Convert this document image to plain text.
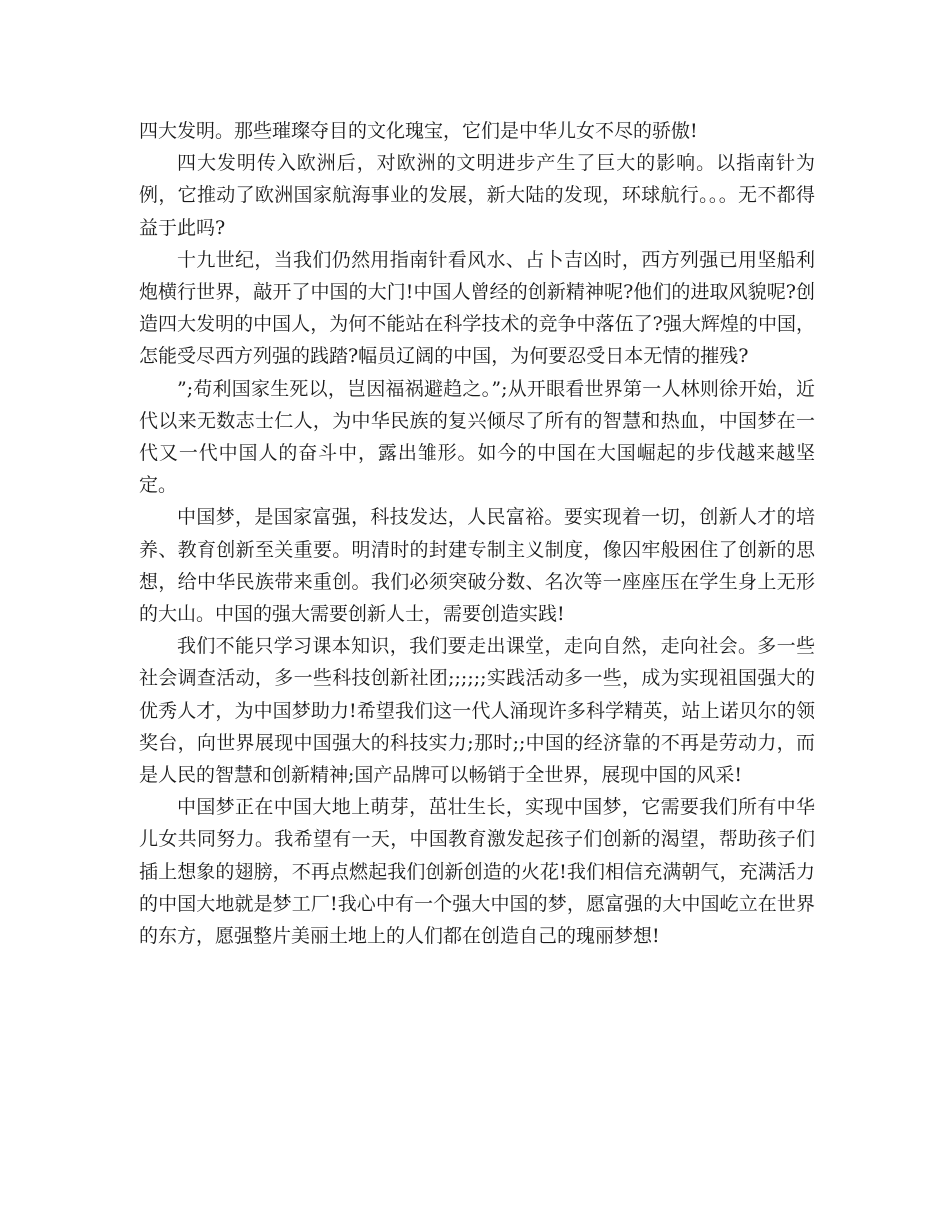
四大发明。那些璀璨夺目的文化瑰宝，它们是中华儿女不尽的骄傲!

四大发明传入欧洲后，对欧洲的文明进步产生了巨大的影响。以指南针为例，它推动了欧洲国家航海事业的发展，新大陆的发现，环球航行。。。无不都得益于此吗?

十九世纪，当我们仍然用指南针看风水、占卜吉凶时，西方列强已用坚船利炮横行世界，敲开了中国的大门!中国人曾经的创新精神呢?他们的进取风貌呢?创造四大发明的中国人，为何不能站在科学技术的竞争中落伍了?强大辉煌的中国，怎能受尽西方列强的践踏?幅员辽阔的中国，为何要忍受日本无情的摧残?

”;苟利国家生死以，岂因福祸避趋之。”;从开眼看世界第一人林则徐开始，近代以来无数志士仁人，为中华民族的复兴倾尽了所有的智慧和热血，中国梦在一代又一代中国人的奋斗中，露出雏形。如今的中国在大国崛起的步伐越来越坚定。

中国梦，是国家富强，科技发达，人民富裕。要实现着一切，创新人才的培养、教育创新至关重要。明清时的封建专制主义制度，像囚牢般困住了创新的思想，给中华民族带来重创。我们必须突破分数、名次等一座座压在学生身上无形的大山。中国的强大需要创新人士，需要创造实践!

我们不能只学习课本知识，我们要走出课堂，走向自然，走向社会。多一些社会调查活动，多一些科技创新社团;;;;;;实践活动多一些，成为实现祖国强大的优秀人才，为中国梦助力!希望我们这一代人涌现许多科学精英，站上诺贝尔的领奖台，向世界展现中国强大的科技实力;那时;;中国的经济靠的不再是劳动力，而是人民的智慧和创新精神;国产品牌可以畅销于全世界，展现中国的风采!

中国梦正在中国大地上萌芽，茁壮生长，实现中国梦，它需要我们所有中华儿女共同努力。我希望有一天，中国教育激发起孩子们创新的渴望，帮助孩子们插上想象的翅膀，不再点燃起我们创新创造的火花!我们相信充满朝气，充满活力的中国大地就是梦工厂!我心中有一个强大中国的梦，愿富强的大中国屹立在世界的东方，愿强整片美丽土地上的人们都在创造自己的瑰丽梦想!
